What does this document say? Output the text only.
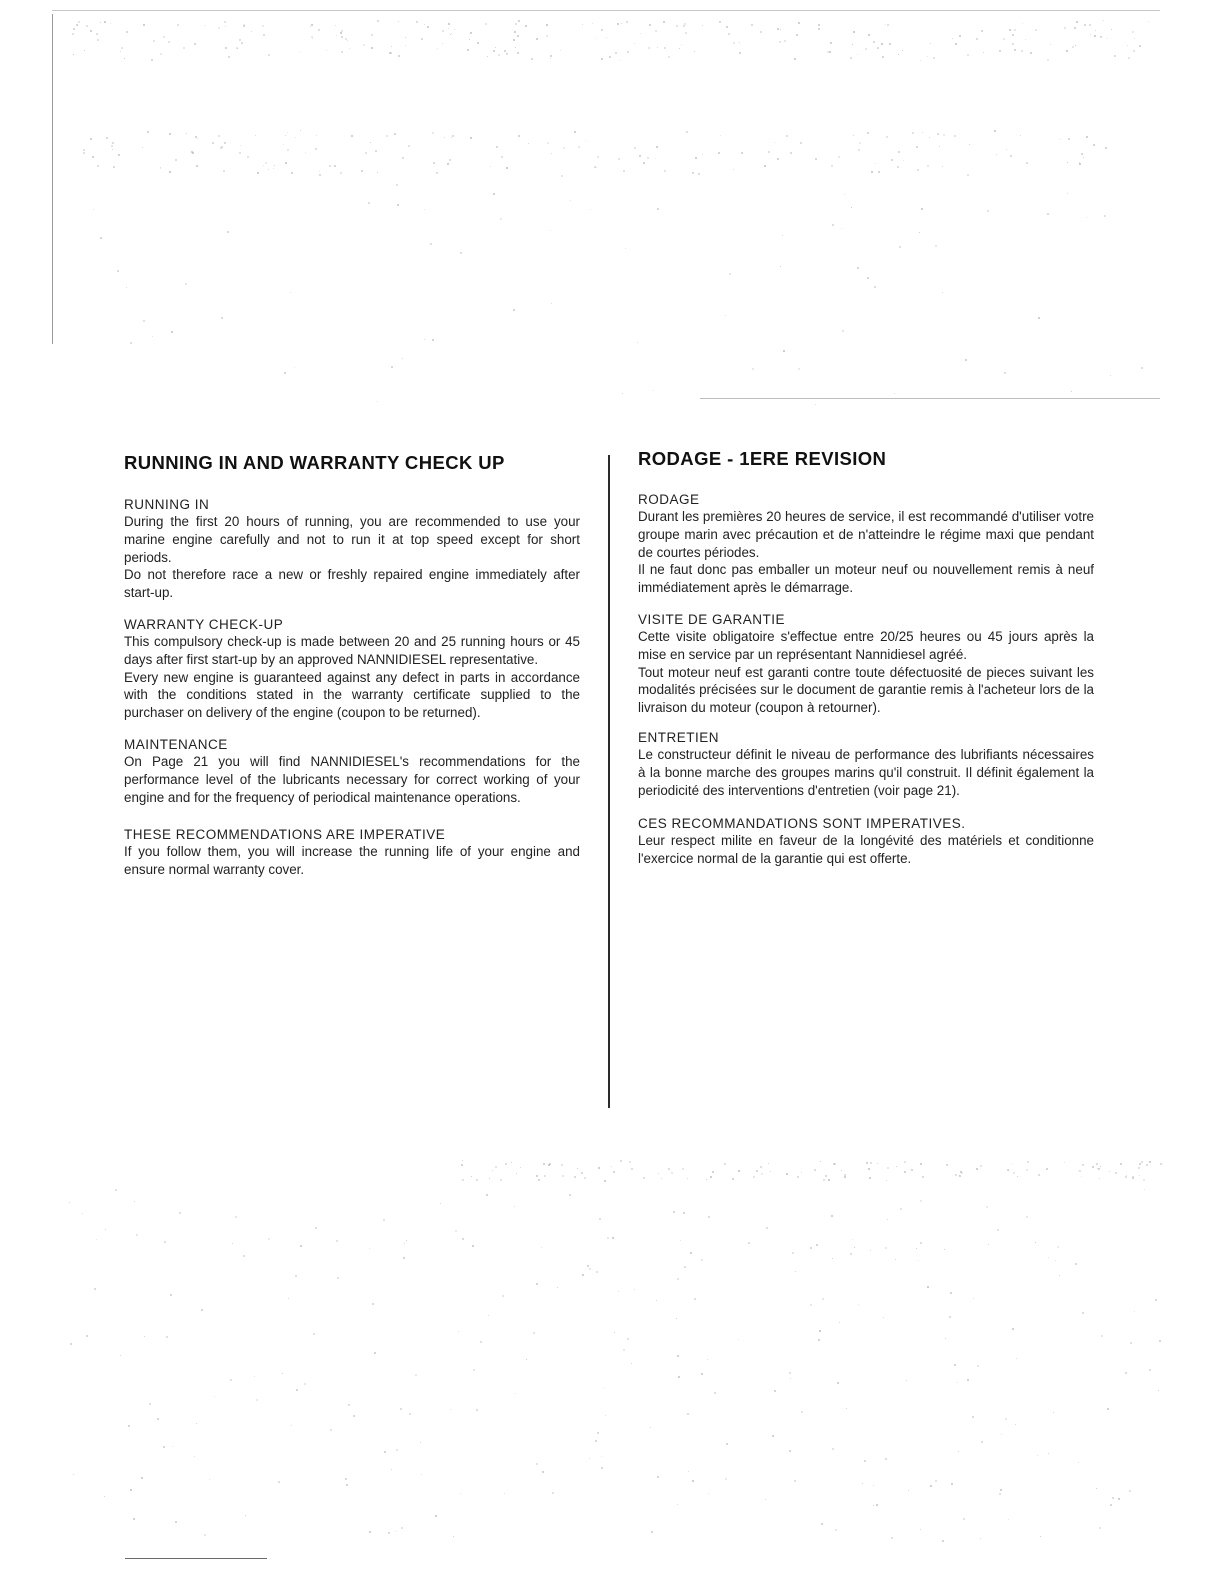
RUNNING IN AND WARRANTY CHECK UP
RUNNING IN

During the first 20 hours of running, you are recommended to use your marine engine carefully and not to run it at top speed except for short periods.

Do not therefore race a new or freshly repaired engine immediately after start-up.

WARRANTY CHECK-UP

This compulsory check-up is made between 20 and 25 running hours or 45 days after first start-up by an approved NANNIDIESEL representative.

Every new engine is guaranteed against any defect in parts in accordance with the conditions stated in the warranty certificate supplied to the purchaser on delivery of the engine (coupon to be returned).

MAINTENANCE

On Page 21 you will find NANNIDIESEL's recommendations for the performance level of the lubricants necessary for correct working of your engine and for the frequency of periodical maintenance operations.

THESE RECOMMENDATIONS ARE IMPERATIVE

If you follow them, you will increase the running life of your engine and ensure normal warranty cover.

RODAGE - 1ERE REVISION
RODAGE

Durant les premières 20 heures de service, il est recommandé d'utiliser votre groupe marin avec précaution et de n'atteindre le régime maxi que pendant de courtes périodes.

Il ne faut donc pas emballer un moteur neuf ou nouvellement remis à neuf immédiatement après le démarrage.

VISITE DE GARANTIE

Cette visite obligatoire s'effectue entre 20/25 heures ou 45 jours après la mise en service par un représentant Nannidiesel agréé.

Tout moteur neuf est garanti contre toute défectuosité de pieces suivant les modalités précisées sur le document de garantie remis à l'acheteur lors de la livraison du moteur (coupon à retourner).

ENTRETIEN

Le constructeur définit le niveau de performance des lubrifiants nécessaires à la bonne marche des groupes marins qu'il construit. Il définit également la periodicité des interventions d'entretien (voir page 21).

CES RECOMMANDATIONS SONT IMPERATIVES.

Leur respect milite en faveur de la longévité des matériels et conditionne l'exercice normal de la garantie qui est offerte.
